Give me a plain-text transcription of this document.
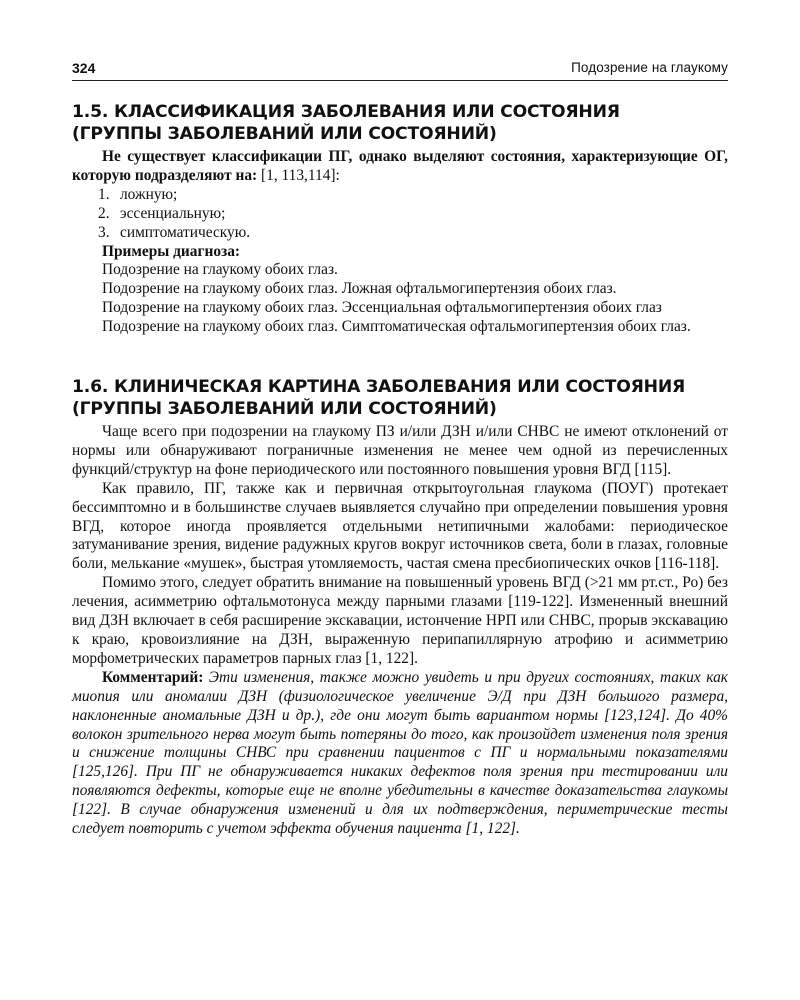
324	Подозрение на глаукому
1.5. КЛАССИФИКАЦИЯ ЗАБОЛЕВАНИЯ ИЛИ СОСТОЯНИЯ
(ГРУППЫ ЗАБОЛЕВАНИЙ ИЛИ СОСТОЯНИЙ)

Не существует классификации ПГ, однако выделяют состояния, характеризующие ОГ, которую подразделяют на: [1, 113,114]:

1. ложную;
2. эссенциальную;
3. симптоматическую.

Примеры диагноза:

Подозрение на глаукому обоих глаз.

Подозрение на глаукому обоих глаз. Ложная офтальмогипертензия обоих глаз.

Подозрение на глаукому обоих глаз. Эссенциальная офтальмогипертензия обоих глаз

Подозрение на глаукому обоих глаз. Симптоматическая офтальмогипертензия обоих глаз.

1.6. КЛИНИЧЕСКАЯ КАРТИНА ЗАБОЛЕВАНИЯ ИЛИ СОСТОЯНИЯ
(ГРУППЫ ЗАБОЛЕВАНИЙ ИЛИ СОСТОЯНИЙ)

Чаще всего при подозрении на глаукому ПЗ и/или ДЗН и/или СНВС не имеют отклонений от нормы или обнаруживают пограничные изменения не менее чем одной из перечисленных функций/структур на фоне периодического или постоянного повышения уровня ВГД [115].

Как правило, ПГ, также как и первичная открытоугольная глаукома (ПОУГ) протекает бессимптомно и в большинстве случаев выявляется случайно при определении повышения уровня ВГД, которое иногда проявляется отдельными нетипичными жалобами: периодическое затуманивание зрения, видение радужных кругов вокруг источников света, боли в глазах, головные боли, мелькание «мушек», быстрая утомляемость, частая смена пресбиопических очков [116-118].

Помимо этого, следует обратить внимание на повышенный уровень ВГД (>21 мм рт.ст., Ро) без лечения, асимметрию офтальмотонуса между парными глазами [119-122]. Измененный внешний вид ДЗН включает в себя расширение экскавации, истончение НРП или СНВС, прорыв экскавацию к краю, кровоизлияние на ДЗН, выраженную перипапиллярную атрофию и асимметрию морфометрических параметров парных глаз [1, 122].

Комментарий: Эти изменения, также можно увидеть и при других состояниях, таких как миопия или аномалии ДЗН (физиологическое увеличение Э/Д при ДЗН большого размера, наклоненные аномальные ДЗН и др.), где они могут быть вариантом нормы [123,124]. До 40% волокон зрительного нерва могут быть потеряны до того, как произойдет изменения поля зрения и снижение толщины СНВС при сравнении пациентов с ПГ и нормальными показателями [125,126]. При ПГ не обнаруживается никаких дефектов поля зрения при тестировании или появляются дефекты, которые еще не вполне убедительны в качестве доказательства глаукомы [122]. В случае обнаружения изменений и для их подтверждения, периметрические тесты следует повторить с учетом эффекта обучения пациента [1, 122].
